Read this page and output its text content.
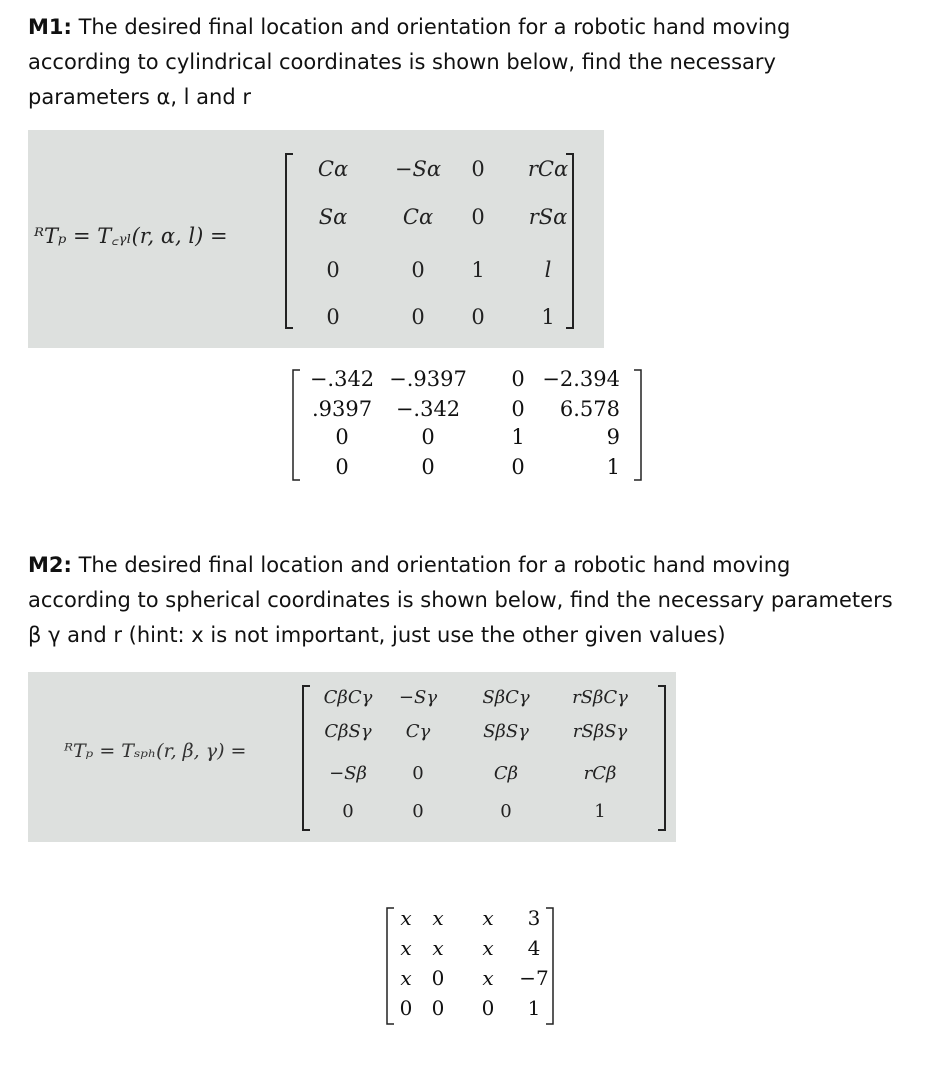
M1: The desired final location and orientation for a robotic hand moving
according to cylindrical coordinates is shown below, find the necessary
parameters α, l and r
ᴿTₚ = T꜀ᵧₗ(r, α, l) =
Cα	−Sα	0	rCα
Sα	Cα	0	rSα
0	0	1	l
0	0	0	1
−.342 −.9397	0 −2.394
.9397	−.342	0	6.578
0	0	1	9
0	0	0	1
M2: The desired final location and orientation for a robotic hand moving
according to spherical coordinates is shown below, find the necessary parameters
β γ and r (hint: x is not important, just use the other given values)
ᴿTₚ = Tₛₚₕ(r, β, γ) =
CβCγ	−Sγ	SβCγ	rSβCγ
CβSγ	Cγ	SβSγ	rSβSγ
−Sβ	0	Cβ	rCβ
0	0	0	1
x	x	x	3
x	x	x	4
x 0	x	−7
0 0	0	1
